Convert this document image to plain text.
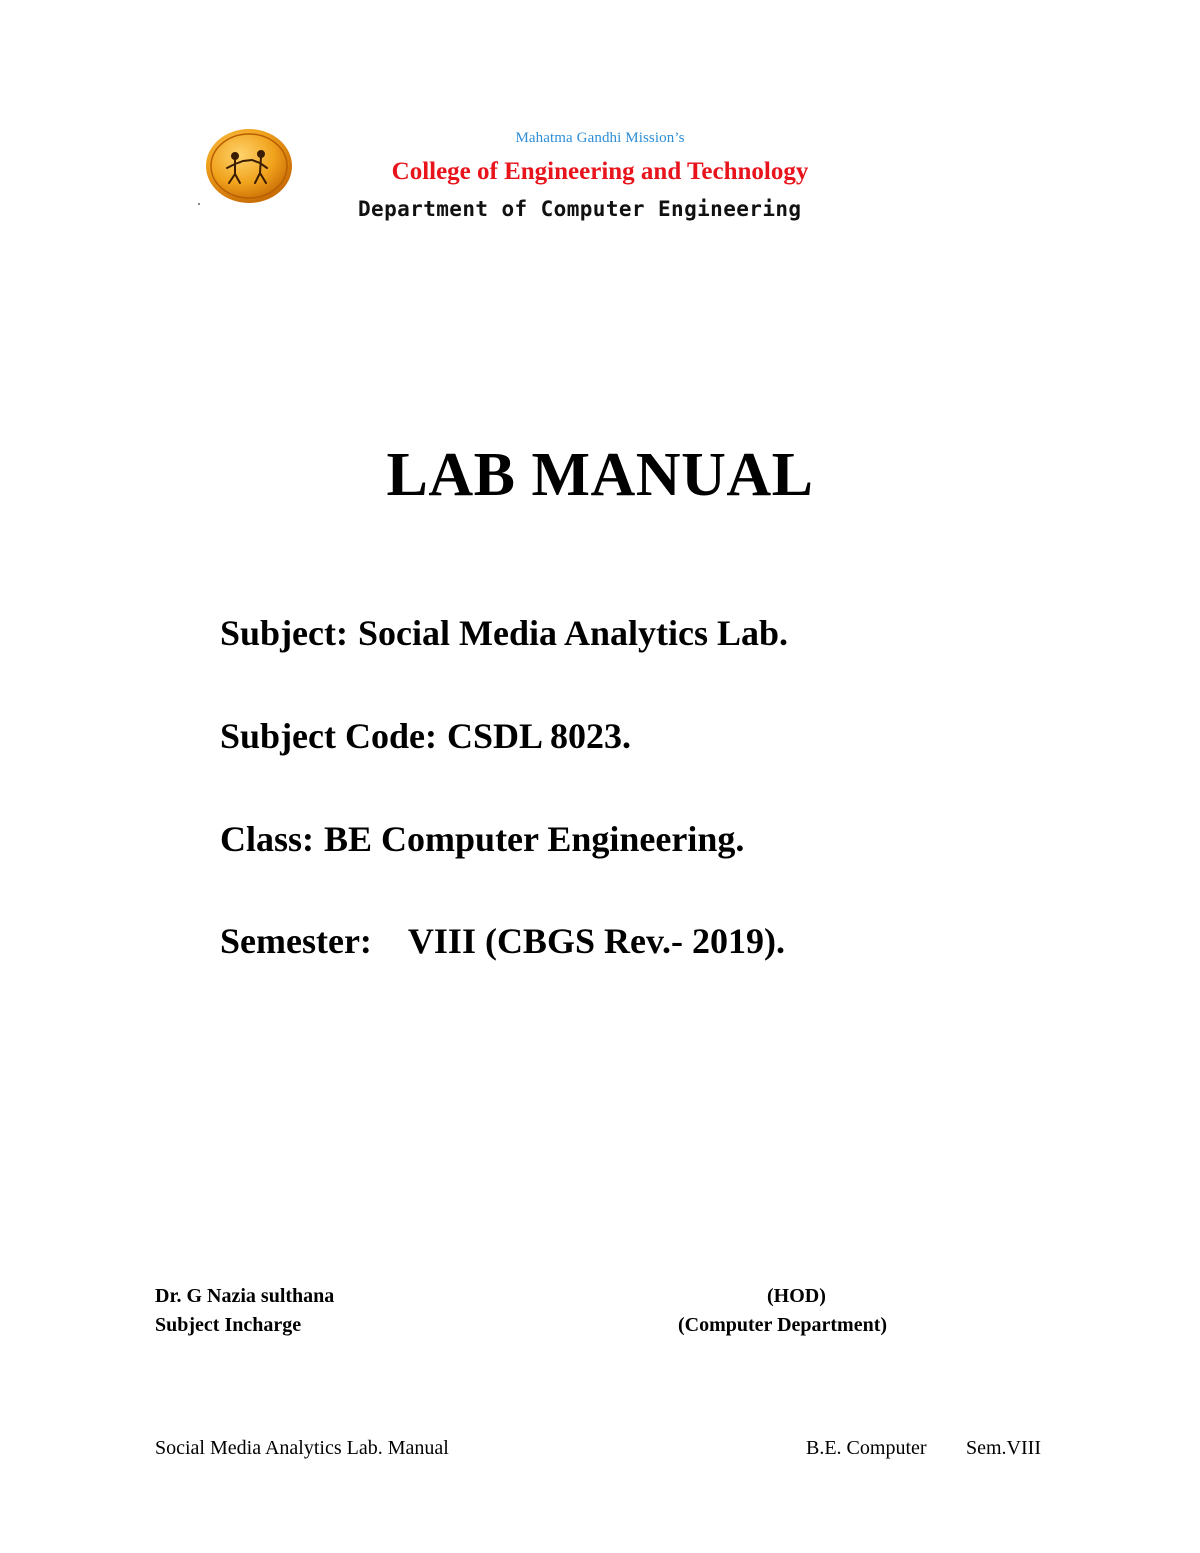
Mahatma Gandhi Mission’s
College of Engineering and Technology
Department of Computer Engineering
LAB MANUAL
Subject: Social Media Analytics Lab.
Subject Code: CSDL 8023.
Class: BE Computer Engineering.
Semester: VIII (CBGS Rev.- 2019).
Dr. G Nazia sulthana
Subject Incharge
(HOD)
(Computer Department)
Social Media Analytics Lab. Manual	B.E. Computer Sem.VIII
